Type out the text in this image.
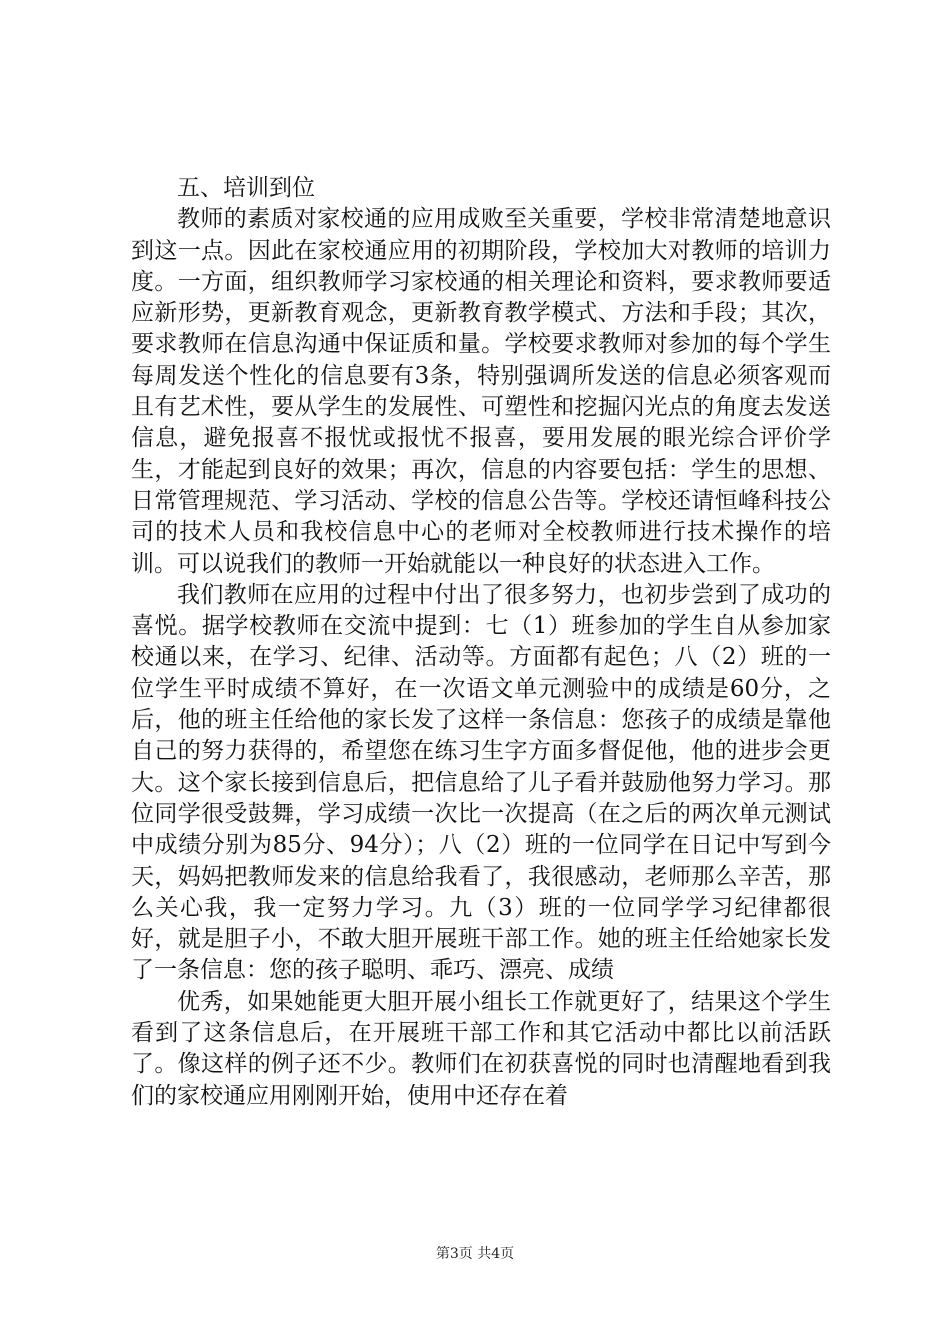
五、培训到位

教师的素质对家校通的应用成败至关重要，学校非常清楚地意识到这一点。因此在家校通应用的初期阶段，学校加大对教师的培训力度。一方面，组织教师学习家校通的相关理论和资料，要求教师要适应新形势，更新教育观念，更新教育教学模式、方法和手段；其次，要求教师在信息沟通中保证质和量。学校要求教师对参加的每个学生每周发送个性化的信息要有3条，特别强调所发送的信息必须客观而且有艺术性，要从学生的发展性、可塑性和挖掘闪光点的角度去发送信息，避免报喜不报忧或报忧不报喜，要用发展的眼光综合评价学生，才能起到良好的效果；再次，信息的内容要包括：学生的思想、日常管理规范、学习活动、学校的信息公告等。学校还请恒峰科技公司的技术人员和我校信息中心的老师对全校教师进行技术操作的培训。可以说我们的教师一开始就能以一种良好的状态进入工作。

我们教师在应用的过程中付出了很多努力，也初步尝到了成功的喜悦。据学校教师在交流中提到：七（1）班参加的学生自从参加家校通以来，在学习、纪律、活动等。方面都有起色；八（2）班的一位学生平时成绩不算好，在一次语文单元测验中的成绩是60分，之后，他的班主任给他的家长发了这样一条信息：您孩子的成绩是靠他自己的努力获得的，希望您在练习生字方面多督促他，他的进步会更大。这个家长接到信息后，把信息给了儿子看并鼓励他努力学习。那位同学很受鼓舞，学习成绩一次比一次提高（在之后的两次单元测试中成绩分别为85分、94分）；八（2）班的一位同学在日记中写到今天，妈妈把教师发来的信息给我看了，我很感动，老师那么辛苦，那么关心我，我一定努力学习。九（3）班的一位同学学习纪律都很好，就是胆子小，不敢大胆开展班干部工作。她的班主任给她家长发了一条信息：您的孩子聪明、乖巧、漂亮、成绩

优秀，如果她能更大胆开展小组长工作就更好了，结果这个学生看到了这条信息后，在开展班干部工作和其它活动中都比以前活跃了。像这样的例子还不少。教师们在初获喜悦的同时也清醒地看到我们的家校通应用刚刚开始，使用中还存在着

第3页 共4页
